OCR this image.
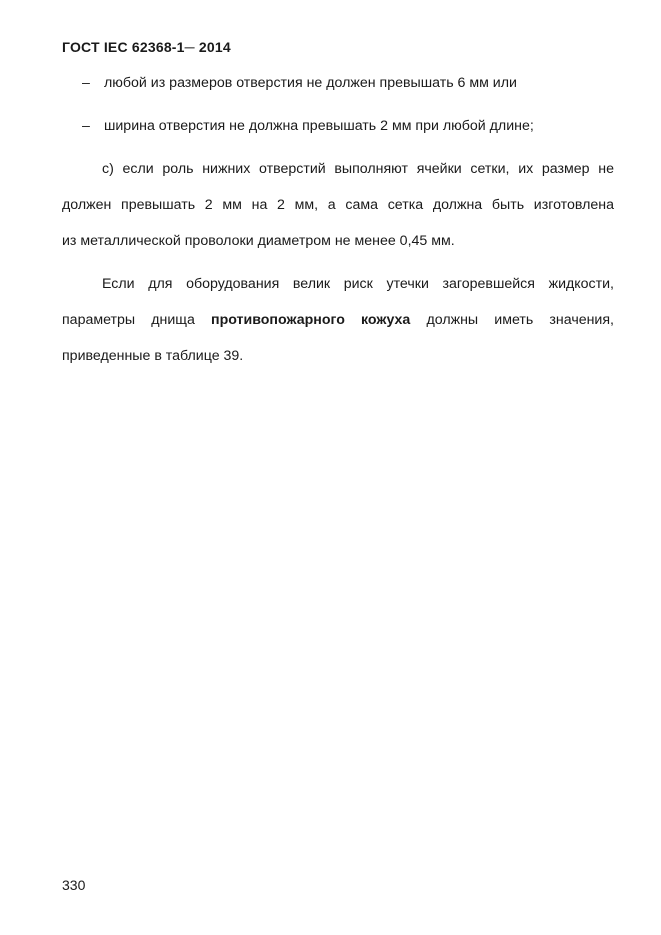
ГОСТ IEC 62368-1─ 2014
– любой из размеров отверстия не должен превышать 6 мм или
– ширина отверстия не должна превышать 2 мм при любой длине;
с) если роль нижних отверстий выполняют ячейки сетки, их размер не
должен превышать 2 мм на 2 мм, а сама сетка должна быть изготовлена
из металлической проволоки диаметром не менее 0,45 мм.
Если для оборудования велик риск утечки загоревшейся жидкости,
параметры днища противопожарного кожуха должны иметь значения,
приведенные в таблице 39.
330
